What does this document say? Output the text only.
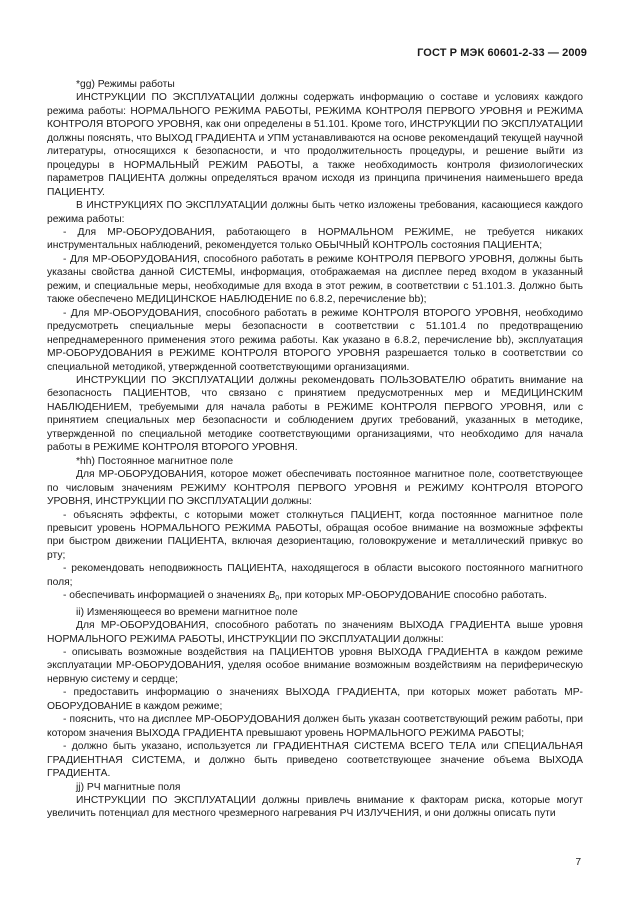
ГОСТ Р МЭК 60601-2-33 — 2009

*gg) Режимы работы

ИНСТРУКЦИИ ПО ЭКСПЛУАТАЦИИ должны содержать информацию о составе и условиях каждого режима работы: НОРМАЛЬНОГО РЕЖИМА РАБОТЫ, РЕЖИМА КОНТРОЛЯ ПЕРВОГО УРОВНЯ и РЕЖИМА КОНТРОЛЯ ВТОРОГО УРОВНЯ, как они определены в 51.101. Кроме того, ИНСТРУКЦИИ ПО ЭКСПЛУАТАЦИИ должны пояснять, что ВЫХОД ГРАДИЕНТА и УПМ устанавливаются на основе рекомендаций текущей научной литературы, относящихся к безопасности, и что продолжительность процедуры, и решение выйти из процедуры в НОРМАЛЬНЫЙ РЕЖИМ РАБОТЫ, а также необходимость контроля физиологических параметров ПАЦИЕНТА должны определяться врачом исходя из принципа причинения наименьшего вреда ПАЦИЕНТУ.

В ИНСТРУКЦИЯХ ПО ЭКСПЛУАТАЦИИ должны быть четко изложены требования, касающиеся каждого режима работы:

- Для МР-ОБОРУДОВАНИЯ, работающего в НОРМАЛЬНОМ РЕЖИМЕ, не требуется никаких инструментальных наблюдений, рекомендуется только ОБЫЧНЫЙ КОНТРОЛЬ состояния ПАЦИЕНТА;

- Для МР-ОБОРУДОВАНИЯ, способного работать в режиме КОНТРОЛЯ ПЕРВОГО УРОВНЯ, должны быть указаны свойства данной СИСТЕМЫ, информация, отображаемая на дисплее перед входом в указанный режим, и специальные меры, необходимые для входа в этот режим, в соответствии с 51.101.3. Должно быть также обеспечено МЕДИЦИНСКОЕ НАБЛЮДЕНИЕ по 6.8.2, перечисление bb);

- Для МР-ОБОРУДОВАНИЯ, способного работать в режиме КОНТРОЛЯ ВТОРОГО УРОВНЯ, необходимо предусмотреть специальные меры безопасности в соответствии с 51.101.4 по предотвращению непреднамеренного применения этого режима работы. Как указано в 6.8.2, перечисление bb), эксплуатация МР-ОБОРУДОВАНИЯ в РЕЖИМЕ КОНТРОЛЯ ВТОРОГО УРОВНЯ разрешается только в соответствии со специальной методикой, утвержденной соответствующими организациями.

ИНСТРУКЦИИ ПО ЭКСПЛУАТАЦИИ должны рекомендовать ПОЛЬЗОВАТЕЛЮ обратить внимание на безопасность ПАЦИЕНТОВ, что связано с принятием предусмотренных мер и МЕДИЦИНСКИМ НАБЛЮДЕНИЕМ, требуемыми для начала работы в РЕЖИМЕ КОНТРОЛЯ ПЕРВОГО УРОВНЯ, или с принятием специальных мер безопасности и соблюдением других требований, указанных в методике, утвержденной по специальной методике соответствующими организациями, что необходимо для начала работы в РЕЖИМЕ КОНТРОЛЯ ВТОРОГО УРОВНЯ.

*hh) Постоянное магнитное поле

Для МР-ОБОРУДОВАНИЯ, которое может обеспечивать постоянное магнитное поле, соответствующее по числовым значениям РЕЖИМУ КОНТРОЛЯ ПЕРВОГО УРОВНЯ и РЕЖИМУ КОНТРОЛЯ ВТОРОГО УРОВНЯ, ИНСТРУКЦИИ ПО ЭКСПЛУАТАЦИИ должны:

- объяснять эффекты, с которыми может столкнуться ПАЦИЕНТ, когда постоянное магнитное поле превысит уровень НОРМАЛЬНОГО РЕЖИМА РАБОТЫ, обращая особое внимание на возможные эффекты при быстром движении ПАЦИЕНТА, включая дезориентацию, головокружение и металлический привкус во рту;

- рекомендовать неподвижность ПАЦИЕНТА, находящегося в области высокого постоянного магнитного поля;

- обеспечивать информацией о значениях $B_0$, при которых МР-ОБОРУДОВАНИЕ способно работать.

ii) Изменяющееся во времени магнитное поле

Для МР-ОБОРУДОВАНИЯ, способного работать по значениям ВЫХОДА ГРАДИЕНТА выше уровня НОРМАЛЬНОГО РЕЖИМА РАБОТЫ, ИНСТРУКЦИИ ПО ЭКСПЛУАТАЦИИ должны:

- описывать возможные воздействия на ПАЦИЕНТОВ уровня ВЫХОДА ГРАДИЕНТА в каждом режиме эксплуатации МР-ОБОРУДОВАНИЯ, уделяя особое внимание возможным воздействиям на периферическую нервную систему и сердце;

- предоставить информацию о значениях ВЫХОДА ГРАДИЕНТА, при которых может работать МР-ОБОРУДОВАНИЕ в каждом режиме;

- пояснить, что на дисплее МР-ОБОРУДОВАНИЯ должен быть указан соответствующий режим работы, при котором значения ВЫХОДА ГРАДИЕНТА превышают уровень НОРМАЛЬНОГО РЕЖИМА РАБОТЫ;

- должно быть указано, используется ли ГРАДИЕНТНАЯ СИСТЕМА ВСЕГО ТЕЛА или СПЕЦИАЛЬНАЯ ГРАДИЕНТНАЯ СИСТЕМА, и должно быть приведено соответствующее значение объема ВЫХОДА ГРАДИЕНТА.

jj) РЧ магнитные поля

ИНСТРУКЦИИ ПО ЭКСПЛУАТАЦИИ должны привлечь внимание к факторам риска, которые могут увеличить потенциал для местного чрезмерного нагревания РЧ ИЗЛУЧЕНИЯ, и они должны описать пути

7
